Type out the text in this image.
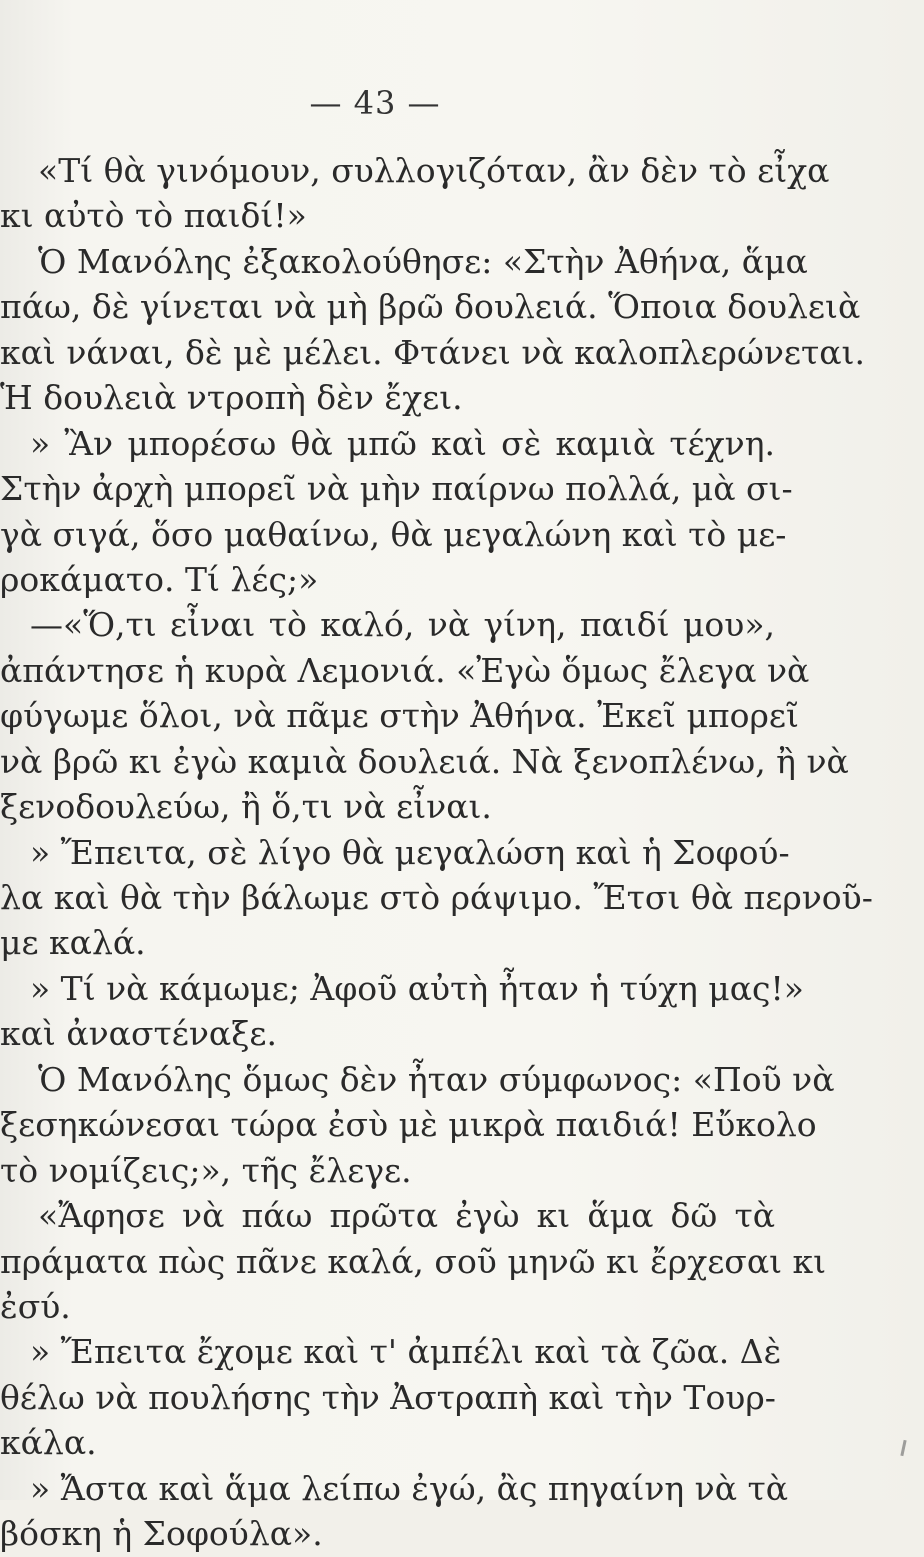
— 43 —
«Τί θὰ γινόμουν, συλλογιζόταν, ἂν δὲν τὸ εἶχα
κι αὐτὸ τὸ παιδί!»
Ὁ Μανόλης ἐξακολούθησε: «Στὴν Ἀθήνα, ἅμα
πάω, δὲ γίνεται νὰ μὴ βρῶ δουλειά. Ὅποια δουλειὰ
καὶ νάναι, δὲ μὲ μέλει. Φτάνει νὰ καλοπλερώνεται.
Ἡ δουλειὰ ντροπὴ δὲν ἔχει.
» Ἂν μπορέσω θὰ μπῶ καὶ σὲ καμιὰ τέχνη.
Στὴν ἀρχὴ μπορεῖ νὰ μὴν παίρνω πολλά, μὰ σι-
γὰ σιγά, ὅσο μαθαίνω, θὰ μεγαλώνη καὶ τὸ με-
ροκάματο. Τί λές;»
—«Ὅ,τι εἶναι τὸ καλό, νὰ γίνη, παιδί μου»,
ἀπάντησε ἡ κυρὰ Λεμονιά. «Ἐγὼ ὅμως ἔλεγα νὰ
φύγωμε ὅλοι, νὰ πᾶμε στὴν Ἀθήνα. Ἐκεῖ μπορεῖ
νὰ βρῶ κι ἐγὼ καμιὰ δουλειά. Νὰ ξενοπλένω, ἢ νὰ
ξενοδουλεύω, ἢ ὅ,τι νὰ εἶναι.
» Ἔπειτα, σὲ λίγο θὰ μεγαλώση καὶ ἡ Σοφού-
λα καὶ θὰ τὴν βάλωμε στὸ ράψιμο. Ἔτσι θὰ περνοῦ-
με καλά.
» Τί νὰ κάμωμε; Ἀφοῦ αὐτὴ ἦταν ἡ τύχη μας!»
καὶ ἀναστέναξε.
Ὁ Μανόλης ὅμως δὲν ἦταν σύμφωνος: «Ποῦ νὰ
ξεσηκώνεσαι τώρα ἐσὺ μὲ μικρὰ παιδιά! Εὔκολο
τὸ νομίζεις;», τῆς ἔλεγε.
«Ἄφησε νὰ πάω πρῶτα ἐγὼ κι ἅμα δῶ τὰ
πράματα πὼς πᾶνε καλά, σοῦ μηνῶ κι ἔρχεσαι κι
ἐσύ.
» Ἔπειτα ἔχομε καὶ τ' ἀμπέλι καὶ τὰ ζῶα. Δὲ
θέλω νὰ πουλήσης τὴν Ἀστραπὴ καὶ τὴν Τουρ-
κάλα.
» Ἄστα καὶ ἅμα λείπω ἐγώ, ἂς πηγαίνη νὰ τὰ
βόσκη ἡ Σοφούλα».
